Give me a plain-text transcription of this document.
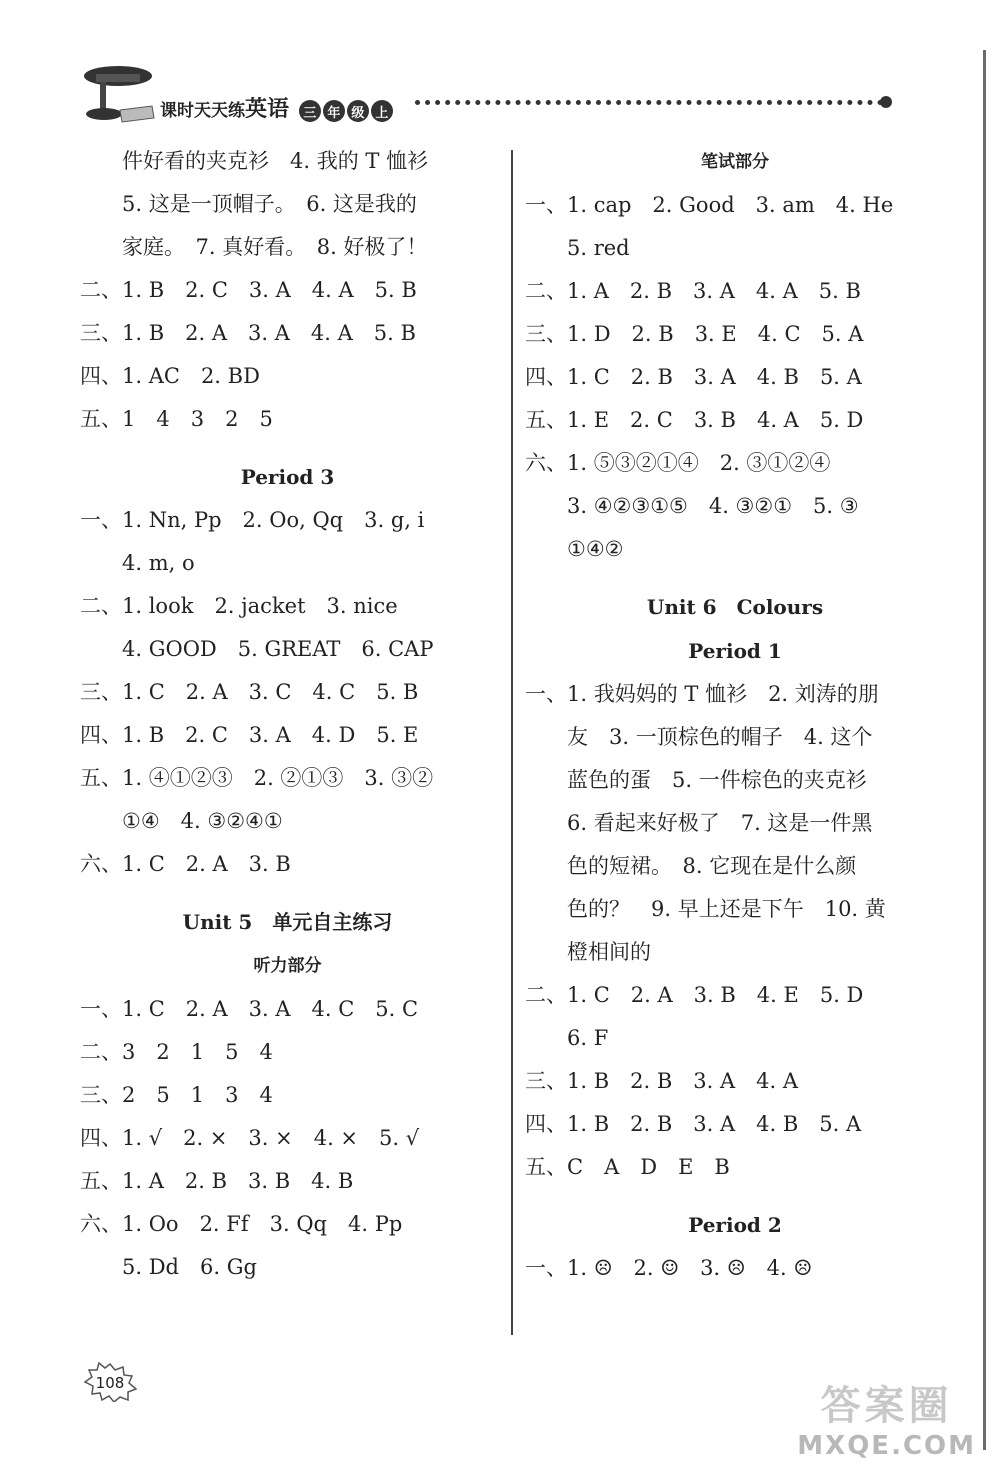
课时天天练英语	三 年 级 上
件好看的夹克衫　4. 我的 T 恤衫
5. 这是一顶帽子。　6. 这是我的
家庭。　7. 真好看。　8. 好极了！
二、1. B　2. C　3. A　4. A　5. B
三、1. B　2. A　3. A　4. A　5. B
四、1. AC　2. BD
五、1　4　3　2　5
Period 3
一、1. Nn, Pp　2. Oo, Qq　3. g, i
4. m, o
二、1. look　2. jacket　3. nice
4. GOOD　5. GREAT　6. CAP
三、1. C　2. A　3. C　4. C　5. B
四、1. B　2. C　3. A　4. D　5. E
五、1. ④①②③　2. ②①③　3. ③②
①④　4. ③②④①
六、1. C　2. A　3. B
Unit 5　单元自主练习
听力部分
一、1. C　2. A　3. A　4. C　5. C
二、3　2　1　5　4
三、2　5　1　3　4
四、1. √　2. ×　3. ×　4. ×　5. √
五、1. A　2. B　3. B　4. B
六、1. Oo　2. Ff　3. Qq　4. Pp
5. Dd　6. Gg
笔试部分
一、1. cap　2. Good　3. am　4. He
5. red
二、1. A　2. B　3. A　4. A　5. B
三、1. D　2. B　3. E　4. C　5. A
四、1. C　2. B　3. A　4. B　5. A
五、1. E　2. C　3. B　4. A　5. D
六、1. ⑤③②①④　2. ③①②④
3. ④②③①⑤　4. ③②①　5. ③
①④②
Unit 6　Colours
Period 1
一、1. 我妈妈的 T 恤衫　2. 刘涛的朋
友　3. 一顶棕色的帽子　4. 这个
蓝色的蛋　5. 一件棕色的夹克衫
6. 看起来好极了　7. 这是一件黑
色的短裙。　8. 它现在是什么颜
色的？　9. 早上还是下午　10. 黄
橙相间的
二、1. C　2. A　3. B　4. E　5. D
6. F
三、1. B　2. B　3. A　4. A
四、1. B　2. B　3. A　4. B　5. A
五、C　A　D　E　B
Period 2
一、1. ☹　2. ☺　3. ☹　4. ☹
108	答案圈
MXQE.COM
